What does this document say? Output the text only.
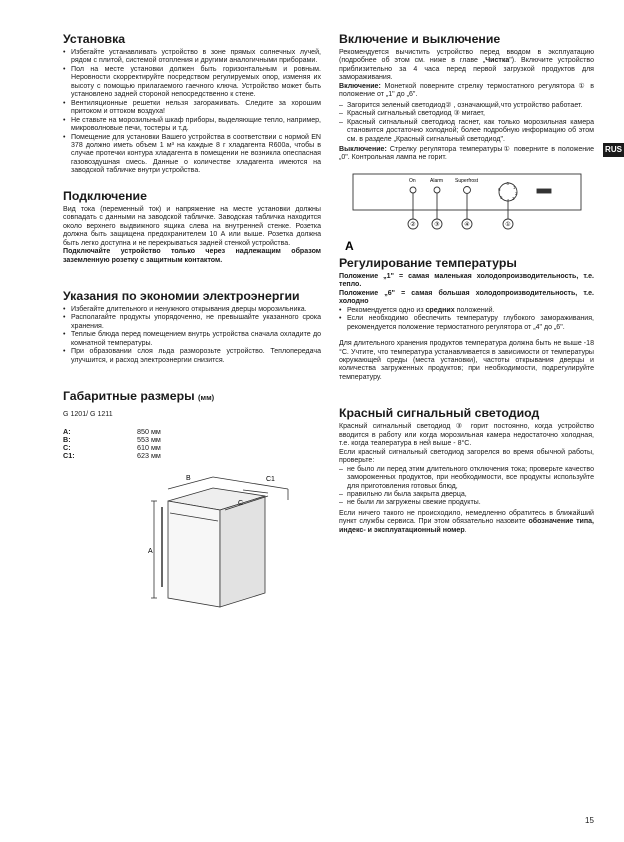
RUS
15
Установка
• Избегайте устанавливать устройство в зоне прямых солнечных лучей, рядом с плитой, системой отопления и другими аналогичными приборами.
• Пол на месте установки должен быть горизонтальным и ровным. Неровности скорректируйте посредством регулируемых опор, изменяя их высоту с помощью прилагаемого гаечного ключа. Устройство может быть установлено задней стороной непосредственно к стене.
• Вентиляционные решетки нельзя загораживать. Следите за хорошим притоком и оттоком воздуха!
• Не ставьте на морозильный шкаф приборы, выделяющие тепло, например, микроволновые печи, тостеры и т.д.
• Помещение для установки Вашего устройства в соответствии с нормой EN 378 должно иметь объем 1 м³ на каждые 8 г хладагента R600a, чтобы в случае протечки контура хладагента в помещении не возникла опеспасная газовоздушная смесь. Данные о количестве хладагента имеются на заводской табличке внутри устройства.
Подключение

Вид тока (переменный ток) и напряжение на месте установки должны совпадать с данными на заводской табличке. Заводская табличка находится около верхнего выдвижного ящика слева на внутренней стенке. Розетка должна быть защищена предохранителем 10 А или выше. Розетка должна быть легко доступна и не перекрываться задней стенкой устройства.

Подключайте устройство только через надлежащим образом заземленную розетку с защитным контактом.

Указания по экономии электроэнергии
• Избегайте длительного и ненужного открывания дверцы морозильника.
• Располагайте продукты упорядоченно, не превышайте указанного срока хранения.
• Теплые блюда перед помещением внутрь устройства сначала охладите до комнатной температуры.
• При образовании слоя льда разморозьте устройство. Теплопередача улучшится, и расход электроэнергии снизится.
Габаритные размеры (мм)

G 1201/ G 1211

A:	850 мм
B:	553 мм
C:	610 мм
C1:	623 мм
A
B
C
C1
Включение и выключение

Рекомендуется вычистить устройство перед вводом в эксплуатацию (подробнее об этом см. ниже в главе „Чистка"). Включите устройство приблизительно за 4 часа перед первой загрузкой продуктов для замораживания.

Включение: Монеткой поверните стрелку термостатного регулятора ① в положение от „1" до „6".

– Загорится зеленый светодиод② , означающий,что устройство работает.
– Красный сигнальный светодиод ③ мигает,
– Красный сигнальный светодиод гаснет, как только морозильная камера становится достаточно холодной; более подробную информацию об этом см. в разделе „Красный сигнальный светодиод".

Выключение: Стрелку регулятора температуры① поверните в положение „0". Контрольная лампа не горит.

On	Alarm Superfrost	0
1
2
3
4
5
6
②	③	④	①
A
Регулирование температуры

Положение „1" = самая маленькая холодопроизводительность, т.е. тепло.

Положение „6" = самая большая холодопроизводительность, т.е. холодно

• Рекомендуется одно из средних положений.
• Если необходимо обеспечить температуру глубокого замораживания, рекомендуется положение термостатного регулятора от „4" до „6".

Для длительного хранения продуктов температура должна быть не выше -18 °С. Учтите, что температура устанавливается в зависимости от температуры окружающей среды (места установки), частоты открывания дверцы и количества загруженных продуктов; при необходимости, подрегулируйте температуру.

Красный сигнальный светодиод

Красный сигнальный светодиод ③ горит постоянно, когда устройство вводится в работу или когда морозильная камера недостаточно холодная, т.е. когда теапература в ней выше - 8°С.

Если красный сигнальный светодиод загорелся во время обычной работы, проверьте:

– не было ли перед этим длительного отключения тока; проверьте качество замороженных продуктов, при необходимости, все продукты используйте для приготовления готовых блюд,
– правильно ли была закрыта дверца,
– не были ли загружены свежие продукты.

Если ничего такого не происходило, немедленно обратитесь в ближайший пункт службы сервиса. При этом обязательно назовите обозначение типа, индекс- и эксплуатационный номер.
